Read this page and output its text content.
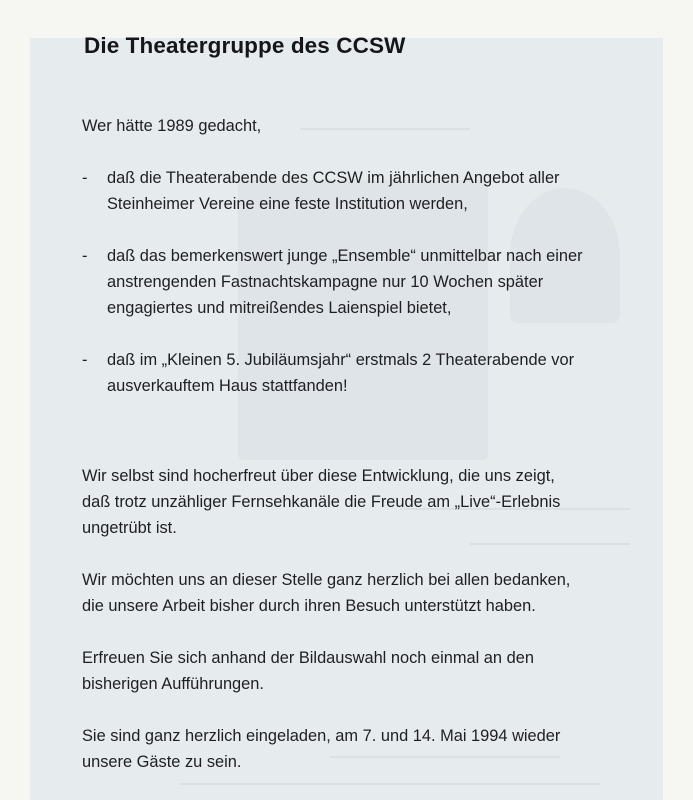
Die Theatergruppe des CCSW

Wer hätte 1989 gedacht,

- daß die Theaterabende des CCSW im jährlichen Angebot aller
Steinheimer Vereine eine feste Institution werden,
- daß das bemerkenswert junge „Ensemble“ unmittelbar nach einer
anstrengenden Fastnachtskampagne nur 10 Wochen später
engagiertes und mitreißendes Laienspiel bietet,
- daß im „Kleinen 5. Jubiläumsjahr“ erstmals 2 Theaterabende vor
ausverkauftem Haus stattfanden!
Wir selbst sind hocherfreut über diese Entwicklung, die uns zeigt,
daß trotz unzähliger Fernsehkanäle die Freude am „Live“-Erlebnis
ungetrübt ist.
Wir möchten uns an dieser Stelle ganz herzlich bei allen bedanken,
die unsere Arbeit bisher durch ihren Besuch unterstützt haben.
Erfreuen Sie sich anhand der Bildauswahl noch einmal an den
bisherigen Aufführungen.
Sie sind ganz herzlich eingeladen, am 7. und 14. Mai 1994 wieder
unsere Gäste zu sein.
